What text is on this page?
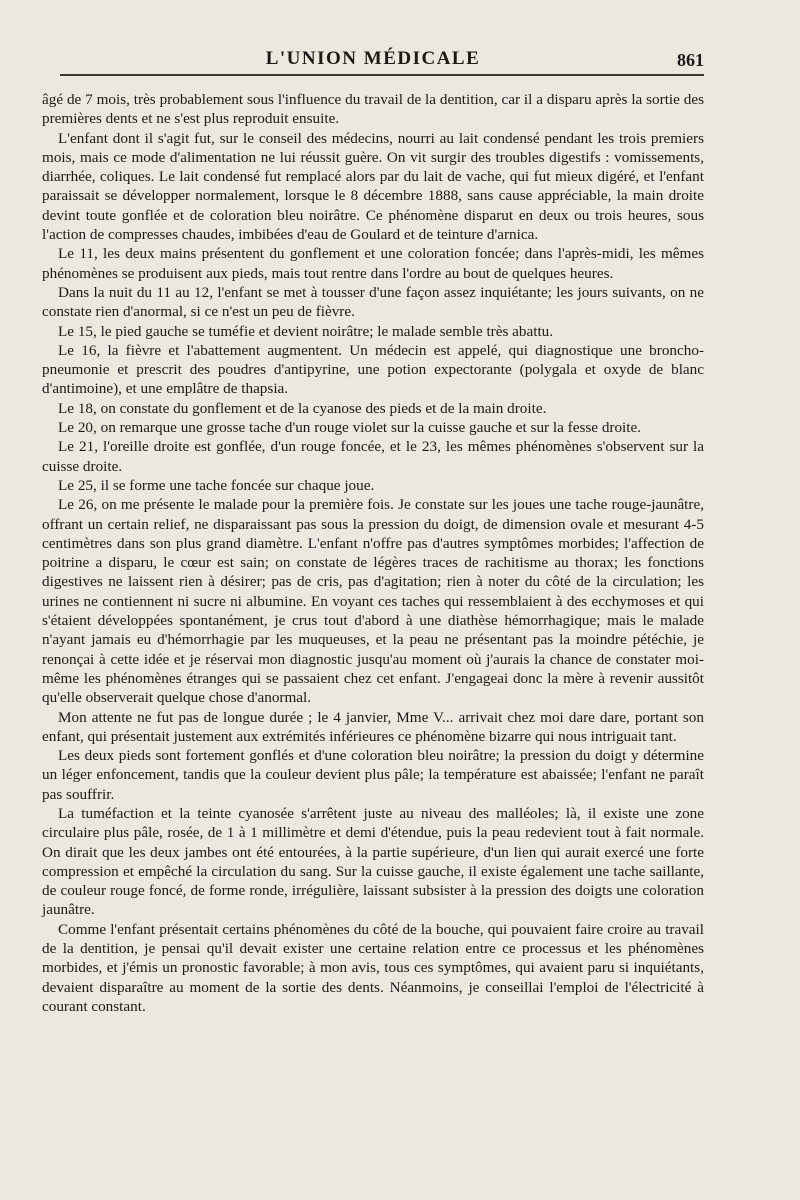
L'UNION MÉDICALE	861

âgé de 7 mois, très probablement sous l'influence du travail de la dentition, car il a disparu après la sortie des premières dents et ne s'est plus reproduit ensuite.

L'enfant dont il s'agit fut, sur le conseil des médecins, nourri au lait condensé pendant les trois premiers mois, mais ce mode d'alimentation ne lui réussit guère. On vit surgir des troubles digestifs : vomissements, diarrhée, coliques. Le lait condensé fut remplacé alors par du lait de vache, qui fut mieux digéré, et l'enfant paraissait se développer normalement, lorsque le 8 décembre 1888, sans cause appréciable, la main droite devint toute gonflée et de coloration bleu noirâtre. Ce phénomène disparut en deux ou trois heures, sous l'action de compresses chaudes, imbibées d'eau de Goulard et de teinture d'arnica.

Le 11, les deux mains présentent du gonflement et une coloration foncée; dans l'après-midi, les mêmes phénomènes se produisent aux pieds, mais tout rentre dans l'ordre au bout de quelques heures.

Dans la nuit du 11 au 12, l'enfant se met à tousser d'une façon assez inquiétante; les jours suivants, on ne constate rien d'anormal, si ce n'est un peu de fièvre.

Le 15, le pied gauche se tuméfie et devient noirâtre; le malade semble très abattu.

Le 16, la fièvre et l'abattement augmentent. Un médecin est appelé, qui diagnostique une broncho-pneumonie et prescrit des poudres d'antipyrine, une potion expectorante (polygala et oxyde de blanc d'antimoine), et une emplâtre de thapsia.

Le 18, on constate du gonflement et de la cyanose des pieds et de la main droite.

Le 20, on remarque une grosse tache d'un rouge violet sur la cuisse gauche et sur la fesse droite.

Le 21, l'oreille droite est gonflée, d'un rouge foncée, et le 23, les mêmes phénomènes s'observent sur la cuisse droite.

Le 25, il se forme une tache foncée sur chaque joue.

Le 26, on me présente le malade pour la première fois. Je constate sur les joues une tache rouge-jaunâtre, offrant un certain relief, ne disparaissant pas sous la pression du doigt, de dimension ovale et mesurant 4-5 centimètres dans son plus grand diamètre. L'enfant n'offre pas d'autres symptômes morbides; l'affection de poitrine a disparu, le cœur est sain; on constate de légères traces de rachitisme au thorax; les fonctions digestives ne laissent rien à désirer; pas de cris, pas d'agitation; rien à noter du côté de la circulation; les urines ne contiennent ni sucre ni albumine. En voyant ces taches qui ressemblaient à des ecchymoses et qui s'étaient développées spontanément, je crus tout d'abord à une diathèse hémorrhagique; mais le malade n'ayant jamais eu d'hémorrhagie par les muqueuses, et la peau ne présentant pas la moindre pétéchie, je renonçai à cette idée et je réservai mon diagnostic jusqu'au moment où j'aurais la chance de constater moi-même les phénomènes étranges qui se passaient chez cet enfant. J'engageai donc la mère à revenir aussitôt qu'elle observerait quelque chose d'anormal.

Mon attente ne fut pas de longue durée ; le 4 janvier, Mme V... arrivait chez moi dare dare, portant son enfant, qui présentait justement aux extrémités inférieures ce phénomène bizarre qui nous intriguait tant.

Les deux pieds sont fortement gonflés et d'une coloration bleu noirâtre; la pression du doigt y détermine un léger enfoncement, tandis que la couleur devient plus pâle; la température est abaissée; l'enfant ne paraît pas souffrir.

La tuméfaction et la teinte cyanosée s'arrêtent juste au niveau des malléoles; là, il existe une zone circulaire plus pâle, rosée, de 1 à 1 millimètre et demi d'étendue, puis la peau redevient tout à fait normale. On dirait que les deux jambes ont été entourées, à la partie supérieure, d'un lien qui aurait exercé une forte compression et empêché la circulation du sang. Sur la cuisse gauche, il existe également une tache saillante, de couleur rouge foncé, de forme ronde, irrégulière, laissant subsister à la pression des doigts une coloration jaunâtre.

Comme l'enfant présentait certains phénomènes du côté de la bouche, qui pouvaient faire croire au travail de la dentition, je pensai qu'il devait exister une certaine relation entre ce processus et les phénomènes morbides, et j'émis un pronostic favorable; à mon avis, tous ces symptômes, qui avaient paru si inquiétants, devaient disparaître au moment de la sortie des dents. Néanmoins, je conseillai l'emploi de l'électricité à courant constant.
